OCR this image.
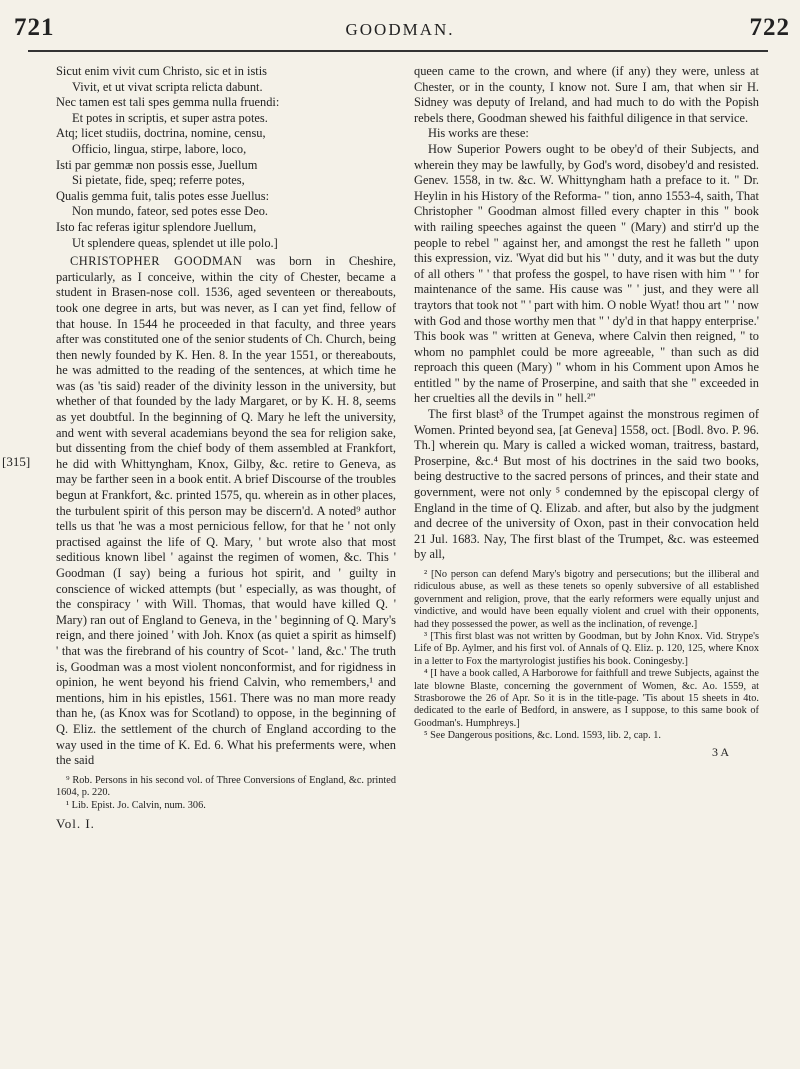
721	GOODMAN.	722
[315]
Sicut enim vivit cum Christo, sic et in istis
Vivit, et ut vivat scripta relicta dabunt.
Nec tamen est tali spes gemma nulla fruendi:
Et potes in scriptis, et super astra potes.
Atq; licet studiis, doctrina, nomine, censu,
Officio, lingua, stirpe, labore, loco,
Isti par gemmæ non possis esse, Juellum
Si pietate, fide, speq; referre potes,
Qualis gemma fuit, talis potes esse Juellus:
Non mundo, fateor, sed potes esse Deo.
Isto fac referas igitur splendore Juellum,
Ut splendere queas, splendet ut ille polo.]

CHRISTOPHER GOODMAN was born in Cheshire, particularly, as I conceive, within the city of Chester, became a student in Brasen-nose coll. 1536, aged seventeen or thereabouts, took one degree in arts, but was never, as I can yet find, fellow of that house. In 1544 he proceeded in that faculty, and three years after was constituted one of the senior students of Ch. Church, being then newly founded by K. Hen. 8. In the year 1551, or thereabouts, he was admitted to the reading of the sentences, at which time he was (as 'tis said) reader of the divinity lesson in the university, but whether of that founded by the lady Margaret, or by K. H. 8, seems as yet doubtful. In the beginning of Q. Mary he left the university, and went with several academians beyond the sea for religion sake, but dissenting from the chief body of them assembled at Frankfort, he did with Whittyngham, Knox, Gilby, &c. retire to Geneva, as may be farther seen in a book entit. A brief Discourse of the troubles begun at Frankfort, &c. printed 1575, qu. wherein as in other places, the turbulent spirit of this person may be discern'd. A noted⁹ author tells us that 'he was a most pernicious fellow, for that he ' not only practised against the life of Q. Mary, ' but wrote also that most seditious known libel ' against the regimen of women, &c. This ' Goodman (I say) being a furious hot spirit, and ' guilty in conscience of wicked attempts (but ' especially, as was thought, of the conspiracy ' with Will. Thomas, that would have killed Q. ' Mary) ran out of England to Geneva, in the ' beginning of Q. Mary's reign, and there joined ' with Joh. Knox (as quiet a spirit as himself) ' that was the firebrand of his country of Scot- ' land, &c.' The truth is, Goodman was a most violent nonconformist, and for rigidness in opinion, he went beyond his friend Calvin, who remembers,¹ and mentions, him in his epistles, 1561. There was no man more ready than he, (as Knox was for Scotland) to oppose, in the beginning of Q. Eliz. the settlement of the church of England according to the way used in the time of K. Ed. 6. What his preferments were, when the said

⁹ Rob. Persons in his second vol. of Three Conversions of England, &c. printed 1604, p. 220.

¹ Lib. Epist. Jo. Calvin, num. 306.

Vol. I.

queen came to the crown, and where (if any) they were, unless at Chester, or in the county, I know not. Sure I am, that when sir H. Sidney was deputy of Ireland, and had much to do with the Popish rebels there, Goodman shewed his faithful diligence in that service.

His works are these:

How Superior Powers ought to be obey'd of their Subjects, and wherein they may be lawfully, by God's word, disobey'd and resisted. Genev. 1558, in tw. &c. W. Whittyngham hath a preface to it. " Dr. Heylin in his History of the Reforma- " tion, anno 1553-4, saith, That Christopher " Goodman almost filled every chapter in this " book with railing speeches against the queen " (Mary) and stirr'd up the people to rebel " against her, and amongst the rest he falleth " upon this expression, viz. 'Wyat did but his " ' duty, and it was but the duty of all others " ' that profess the gospel, to have risen with him " ' for maintenance of the same. His cause was " ' just, and they were all traytors that took not " ' part with him. O noble Wyat! thou art " ' now with God and those worthy men that " ' dy'd in that happy enterprise.' This book was " written at Geneva, where Calvin then reigned, " to whom no pamphlet could be more agreeable, " than such as did reproach this queen (Mary) " whom in his Comment upon Amos he entitled " by the name of Proserpine, and saith that she " exceeded in her cruelties all the devils in " hell.²"

The first blast³ of the Trumpet against the monstrous regimen of Women. Printed beyond sea, [at Geneva] 1558, oct. [Bodl. 8vo. P. 96. Th.] wherein qu. Mary is called a wicked woman, traitress, bastard, Proserpine, &c.⁴ But most of his doctrines in the said two books, being destructive to the sacred persons of princes, and their state and government, were not only ⁵ condemned by the episcopal clergy of England in the time of Q. Elizab. and after, but also by the judgment and decree of the university of Oxon, past in their convocation held 21 Jul. 1683. Nay, The first blast of the Trumpet, &c. was esteemed by all,

² [No person can defend Mary's bigotry and persecutions; but the illiberal and ridiculous abuse, as well as these tenets so openly subversive of all established government and religion, prove, that the early reformers were equally unjust and vindictive, and would have been equally violent and cruel with their opponents, had they possessed the power, as well as the inclination, of revenge.]

³ [This first blast was not written by Goodman, but by John Knox. Vid. Strype's Life of Bp. Aylmer, and his first vol. of Annals of Q. Eliz. p. 120, 125, where Knox in a letter to Fox the martyrologist justifies his book. Coningesby.]

⁴ [I have a book called, A Harborowe for faithfull and trewe Subjects, against the late blowne Blaste, concerning the government of Women, &c. Ao. 1559, at Strasborowe the 26 of Apr. So it is in the title-page. 'Tis about 15 sheets in 4to. dedicated to the earle of Bedford, in answere, as I suppose, to this same book of Goodman's. Humphreys.]

⁵ See Dangerous positions, &c. Lond. 1593, lib. 2, cap. 1.

3 A
